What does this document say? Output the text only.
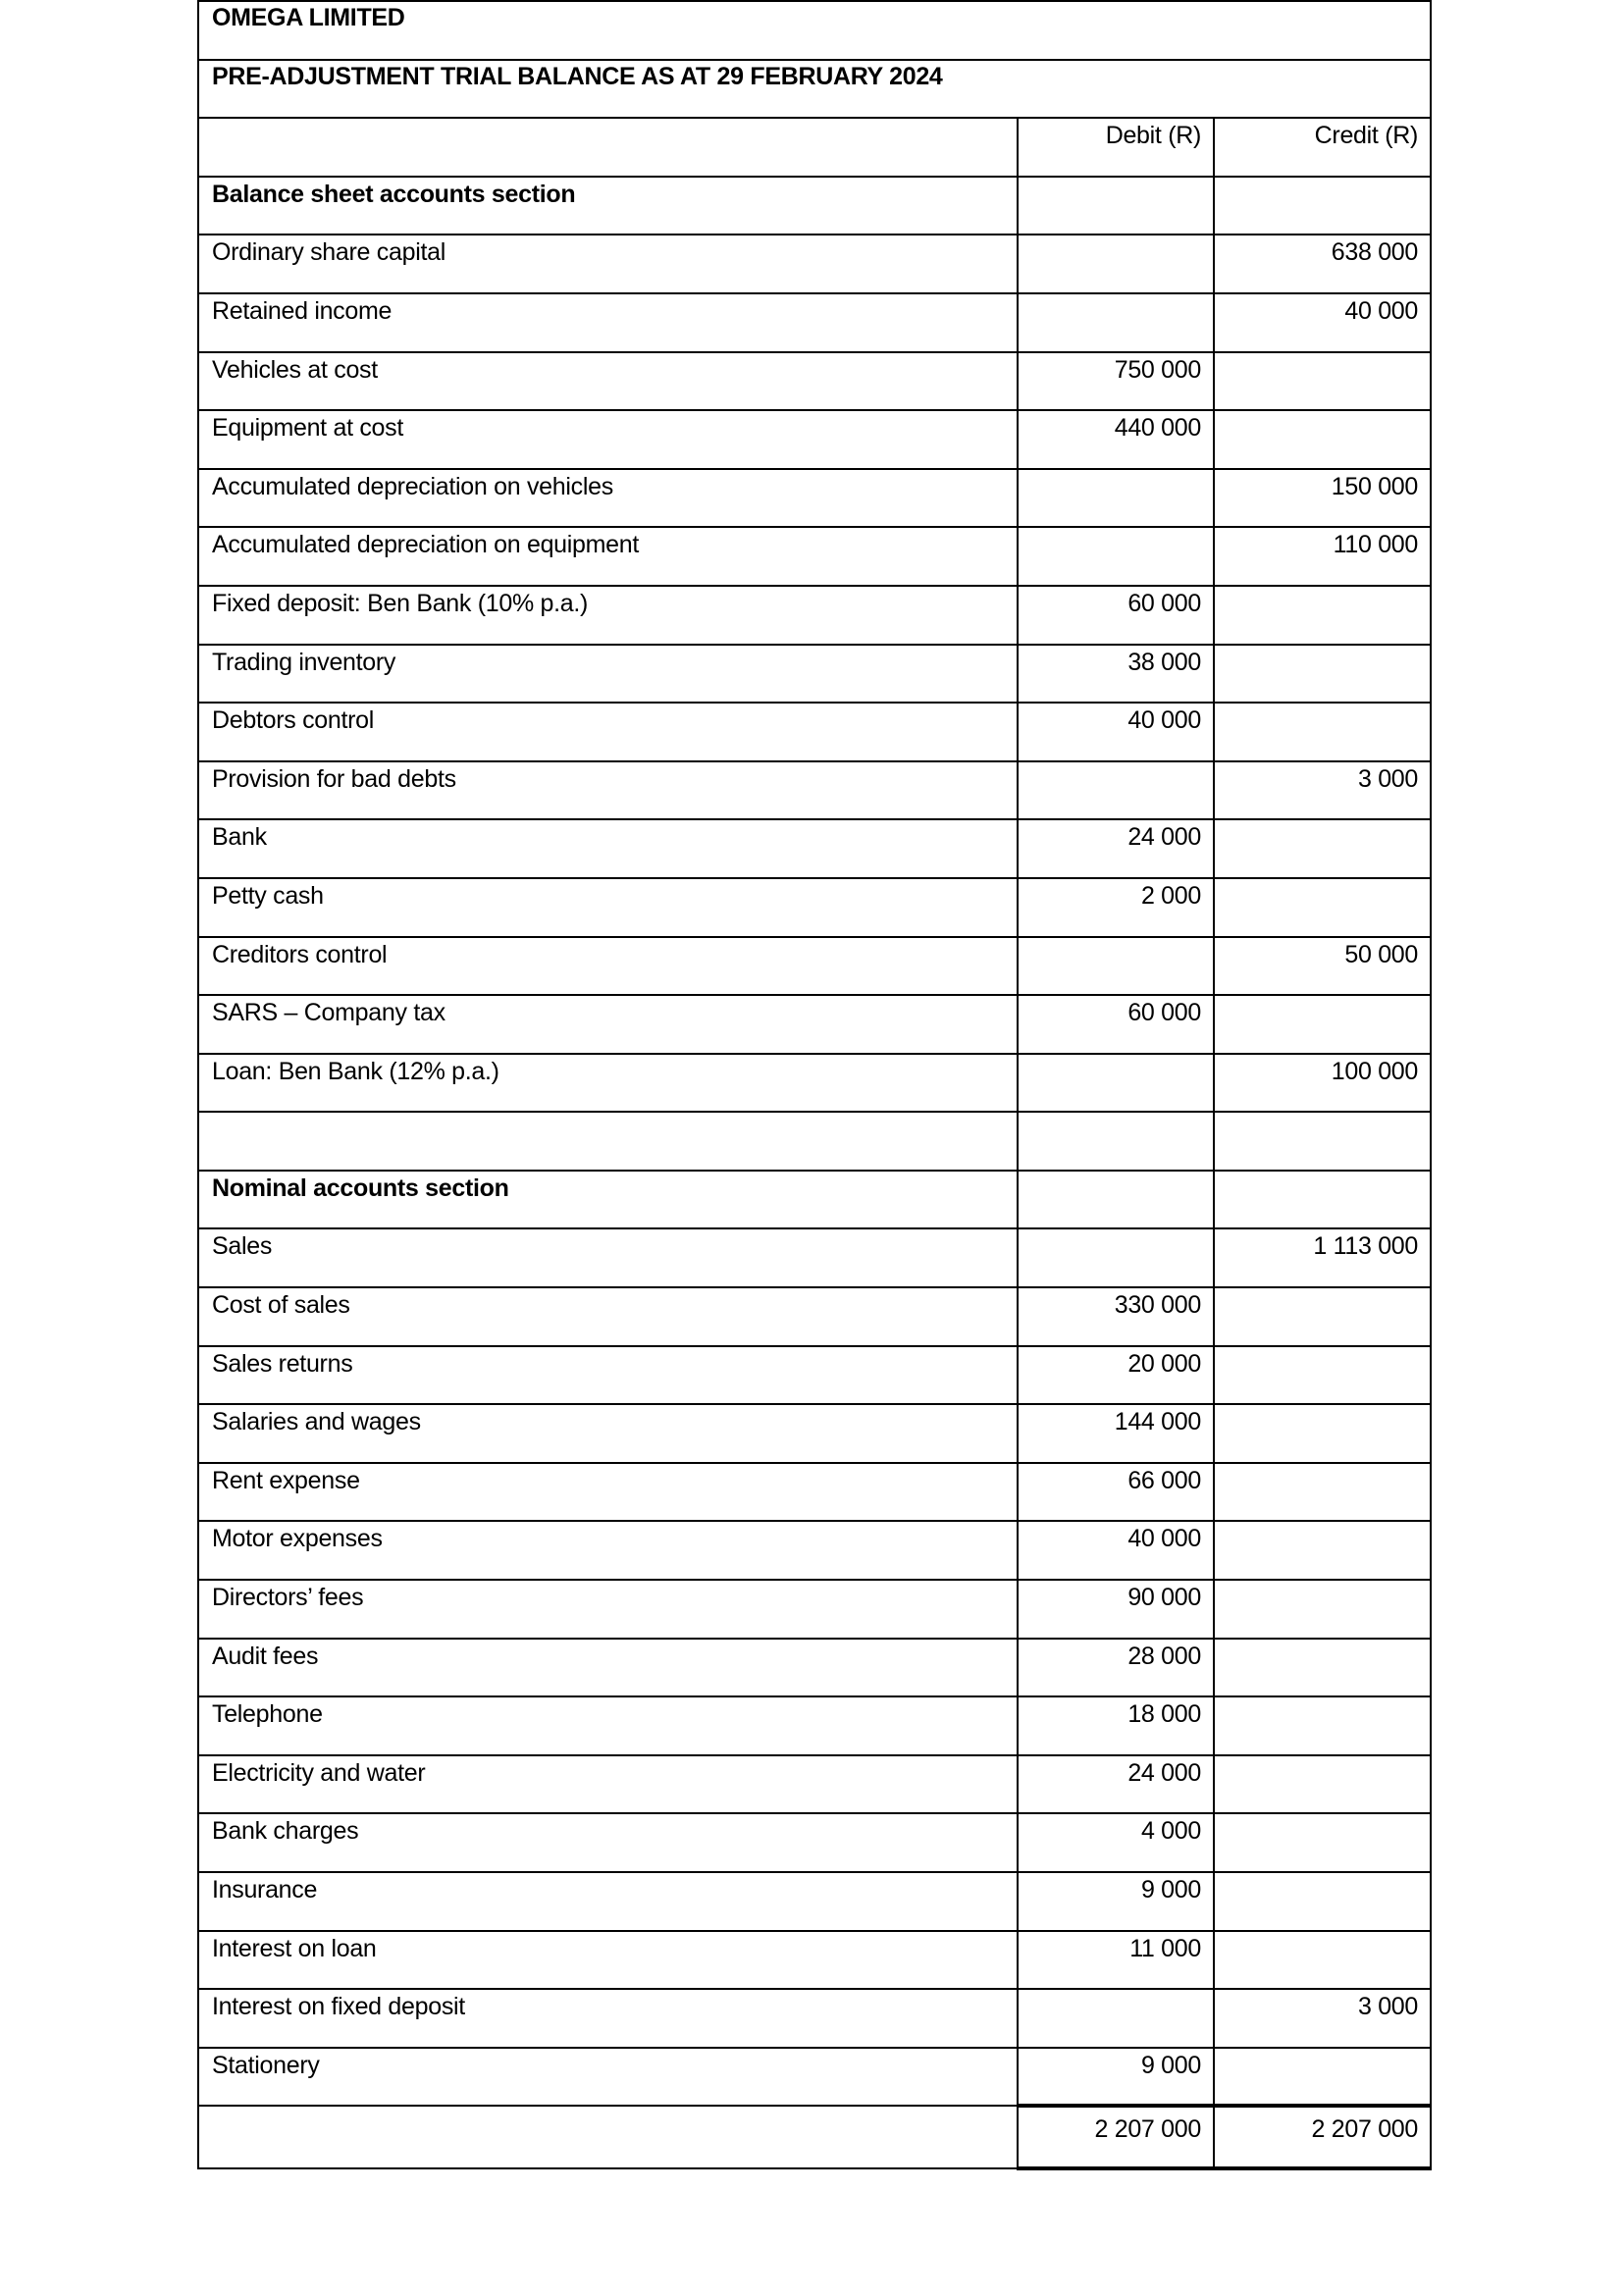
OMEGA LIMITED		
PRE-ADJUSTMENT TRIAL BALANCE AS AT 29 FEBRUARY 2024		
	Debit (R)	Credit (R)
Balance sheet accounts section		
Ordinary share capital		638 000
Retained income		40 000
Vehicles at cost	750 000	
Equipment at cost	440 000	
Accumulated depreciation on vehicles		150 000
Accumulated depreciation on equipment		110 000
Fixed deposit: Ben Bank (10% p.a.)	60 000	
Trading inventory	38 000	
Debtors control	40 000	
Provision for bad debts		3 000
Bank	24 000	
Petty cash	2 000	
Creditors control		50 000
SARS – Company tax	60 000	
Loan: Ben Bank (12% p.a.)		100 000

Nominal accounts section		
Sales		1 113 000
Cost of sales	330 000	
Sales returns	20 000	
Salaries and wages	144 000	
Rent expense	66 000	
Motor expenses	40 000	
Directors’ fees	90 000	
Audit fees	28 000	
Telephone	18 000	
Electricity and water	24 000	
Bank charges	4 000	
Insurance	9 000	
Interest on loan	11 000	
Interest on fixed deposit		3 000
Stationery	9 000	
	2 207 000	2 207 000
